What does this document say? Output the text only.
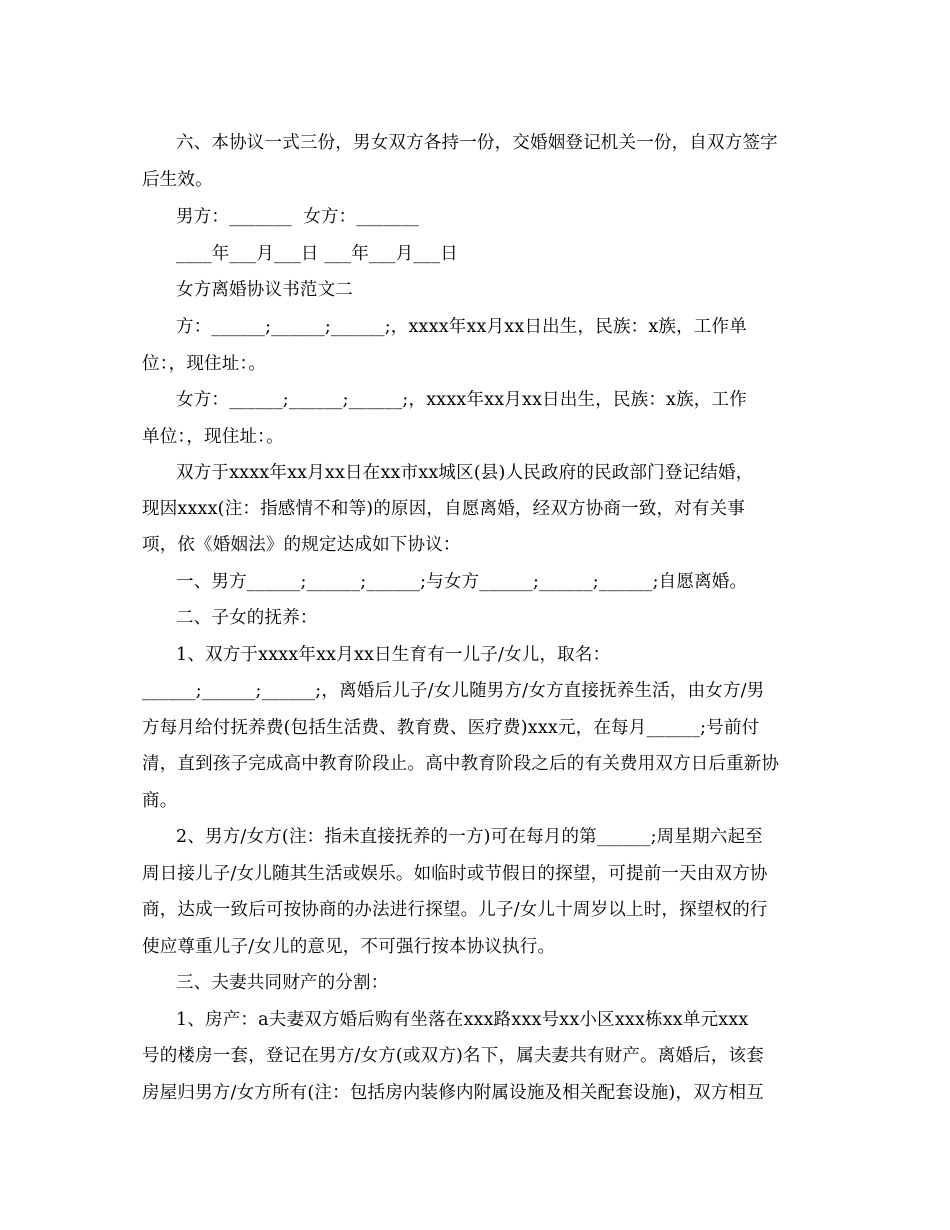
六、本协议一式三份，男女双方各持一份，交婚姻登记机关一份，自双方签字
后生效。
男方：_______  女方：_______
____年___月___日 ___年___月___日
女方离婚协议书范文二
方：______;______;______;，xxxx年xx月xx日出生，民族：x族，工作单
位：，现住址：。
女方：______;______;______;，xxxx年xx月xx日出生，民族：x族，工作
单位：，现住址：。
双方于xxxx年xx月xx日在xx市xx城区(县)人民政府的民政部门登记结婚，
现因xxxx(注：指感情不和等)的原因，自愿离婚，经双方协商一致，对有关事
项，依《婚姻法》的规定达成如下协议：
一、男方______;______;______;与女方______;______;______;自愿离婚。
二、子女的抚养：
1、双方于xxxx年xx月xx日生育有一儿子/女儿，取名：
______;______;______;，离婚后儿子/女儿随男方/女方直接抚养生活，由女方/男
方每月给付抚养费(包括生活费、教育费、医疗费)xxx元，在每月______;号前付
清，直到孩子完成高中教育阶段止。高中教育阶段之后的有关费用双方日后重新协
商。
2、男方/女方(注：指未直接抚养的一方)可在每月的第______;周星期六起至
周日接儿子/女儿随其生活或娱乐。如临时或节假日的探望，可提前一天由双方协
商，达成一致后可按协商的办法进行探望。儿子/女儿十周岁以上时，探望权的行
使应尊重儿子/女儿的意见，不可强行按本协议执行。
三、夫妻共同财产的分割：
1、房产：a夫妻双方婚后购有坐落在xxx路xxx号xx小区xxx栋xx单元xxx
号的楼房一套，登记在男方/女方(或双方)名下，属夫妻共有财产。离婚后，该套
房屋归男方/女方所有(注：包括房内装修内附属设施及相关配套设施)，双方相互
